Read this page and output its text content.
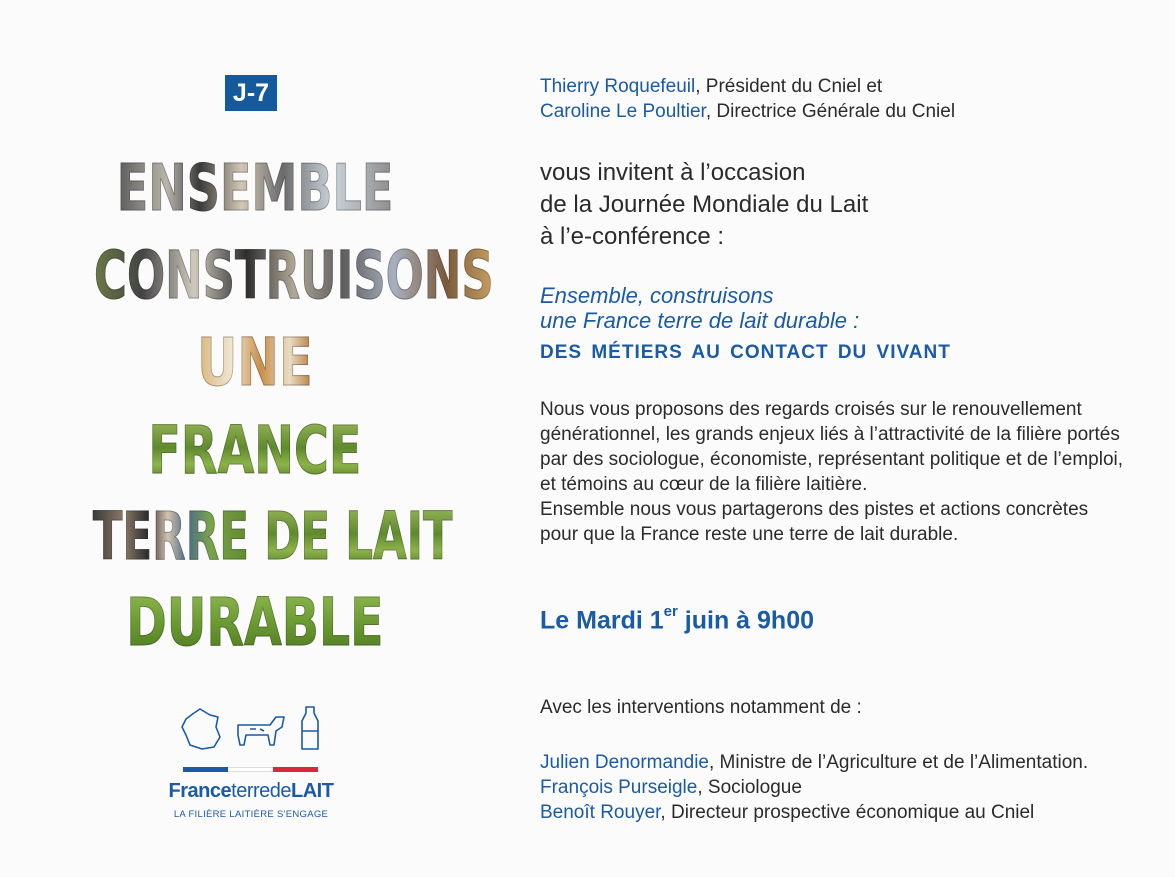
J-7
ENSEMBLE
CONSTRUISONS
UNE
FRANCE
TERRE DE LAIT
DURABLE
FranceterredeLAIT
LA FILIÈRE LAITIÈRE S'ENGAGE
Thierry Roquefeuil, Président du Cniel et
Caroline Le Poultier, Directrice Générale du Cniel
vous invitent à l’occasion
de la Journée Mondiale du Lait
à l’e-conférence :
Ensemble, construisons
une France terre de lait durable :
DES MÉTIERS AU CONTACT DU VIVANT
Nous vous proposons des regards croisés sur le renouvellement
générationnel, les grands enjeux liés à l’attractivité de la filière portés
par des sociologue, économiste, représentant politique et de l’emploi,
et témoins au cœur de la filière laitière.
Ensemble nous vous partagerons des pistes et actions concrètes
pour que la France reste une terre de lait durable.
Le Mardi 1er juin à 9h00
Avec les interventions notamment de :
Julien Denormandie, Ministre de l’Agriculture et de l’Alimentation.
François Purseigle, Sociologue
Benoît Rouyer, Directeur prospective économique au Cniel
